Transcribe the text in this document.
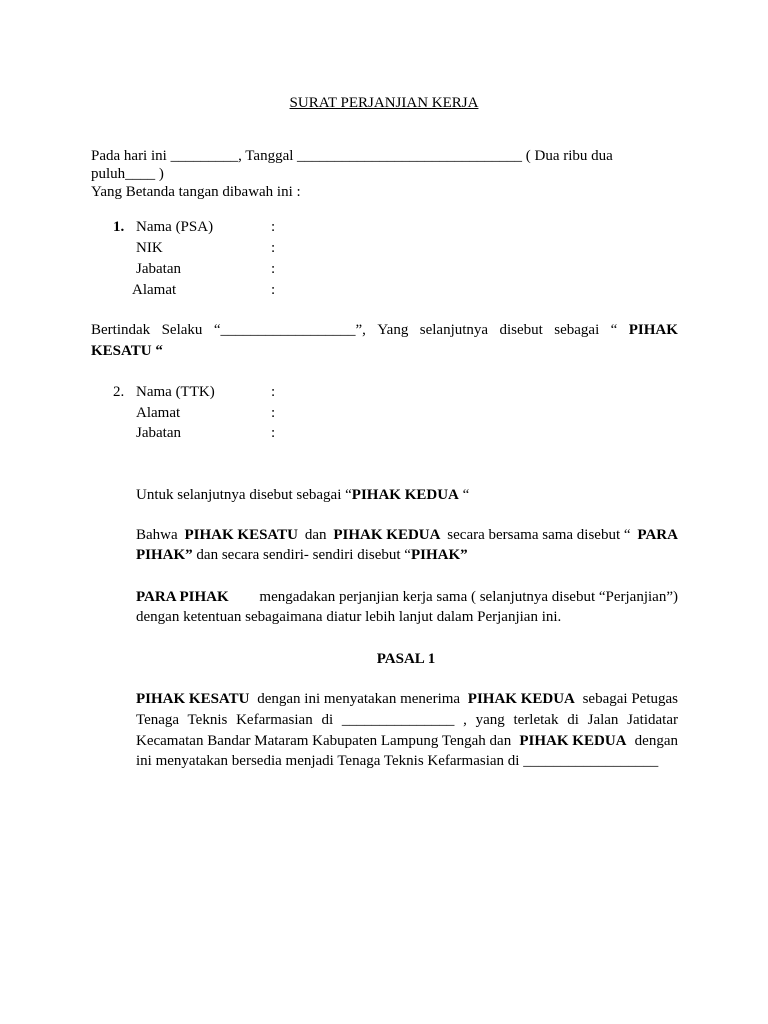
SURAT PERJANJIAN KERJA
Pada hari ini _________, Tanggal ______________________________ ( Dua ribu dua
puluh____ )
Yang Betanda tangan dibawah ini :
1. Nama (PSA)	:
NIK	:
Jabatan	:
Alamat	:
Bertindak Selaku “__________________”, Yang selanjutnya disebut sebagai “ PIHAK
KESATU “
2. Nama (TTK)	:
Alamat	:
Jabatan	:
Untuk selanjutnya disebut sebagai “PIHAK KEDUA “
Bahwa PIHAK KESATU dan PIHAK KEDUA secara bersama sama disebut “ PARA
PIHAK” dan secara sendiri- sendiri disebut “PIHAK”
PARA PIHAK mengadakan perjanjian kerja sama ( selanjutnya disebut “Perjanjian”)
dengan ketentuan sebagaimana diatur lebih lanjut dalam Perjanjian ini.
PASAL 1
PIHAK KESATU dengan ini menyatakan menerima PIHAK KEDUA sebagai Petugas
Tenaga Teknis Kefarmasian di _______________ , yang terletak di Jalan Jatidatar
Kecamatan Bandar Mataram Kabupaten Lampung Tengah dan PIHAK KEDUA dengan
ini menyatakan bersedia menjadi Tenaga Teknis Kefarmasian di __________________
